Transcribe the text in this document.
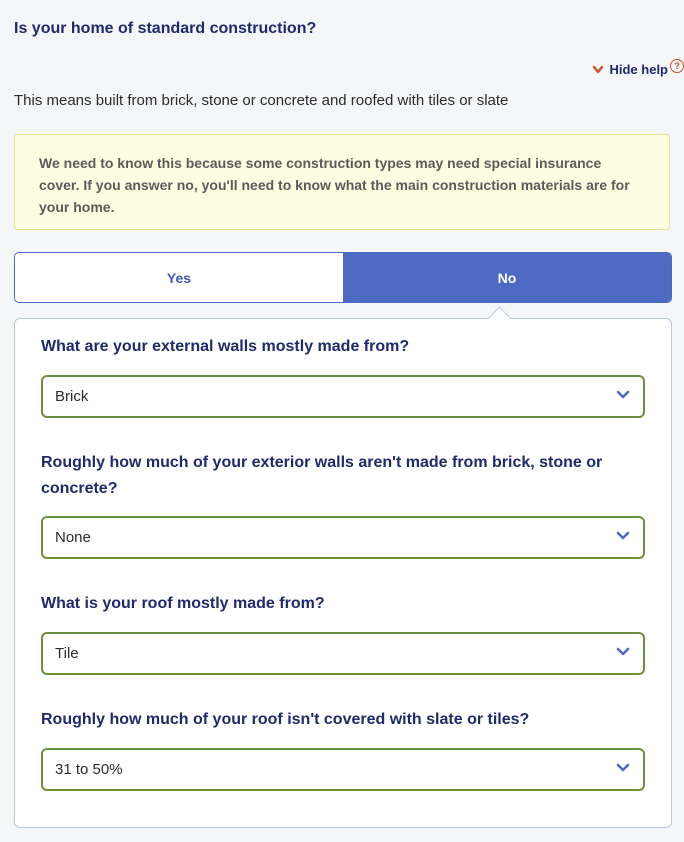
Is your home of standard construction?
Hide help ?

This means built from brick, stone or concrete and roofed with tiles or slate

We need to know this because some construction types may need special insurance cover. If you answer no, you'll need to know what the main construction materials are for your home.
Yes	No

What are your external walls mostly made from?

Brick

Roughly how much of your exterior walls aren't made from brick, stone or concrete?

None

What is your roof mostly made from?

Tile

Roughly how much of your roof isn't covered with slate or tiles?

31 to 50%
